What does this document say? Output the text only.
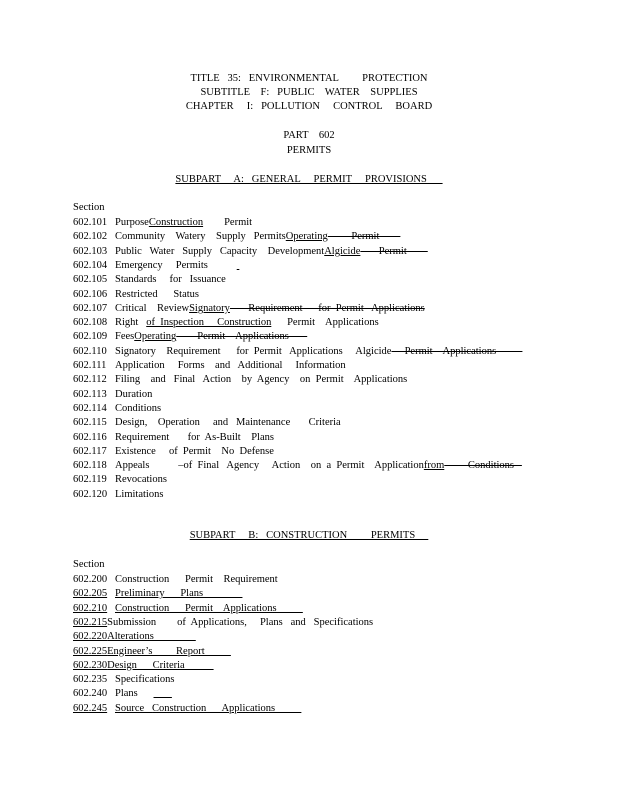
TITLE   35:   ENVIRONMENTAL         PROTECTION
SUBTITLE    F:   PUBLIC    WATER    SUPPLIES
CHAPTER     I:   POLLUTION     CONTROL     BOARD
PART    602
PERMITS
SUBPART     A:   GENERAL     PERMIT     PROVISIONS
Section
602.101 PurposeConstruction        Permit
602.102 Community    Watery    Supply   PermitsOperating         Permit
602.103 Public   Water   Supply   Capacity    DevelopmentAlgicide       Permit
602.104 Emergency     Permits
602.105 Standards     for   Issuance
602.106 Restricted      Status
602.107 Critical    ReviewSignatory       Requirement      for  Permit   Applications
602.108 Right   of  Inspection     Construction      Permit    Applications
602.109 FeesOperating        Permit    Applications
602.110 Signatory    Requirement      for  Permit   Applications     Algicide     Permit    Applications
602.111 Application     Forms    and   Additional     Information
602.112 Filing    and   Final   Action    by  Agency    on  Permit    Applications
602.113 Duration
602.114 Conditions
602.115 Design,    Operation     and   Maintenance       Criteria
602.116 Requirement       for  As-Built    Plans
602.117 Existence     of  Permit    No  Defense
602.118 Appeals           –of  Final   Agency     Action    on  a  Permit    Applicationfrom         Conditions
602.119 Revocations
602.120 Limitations
SUBPART     B:   CONSTRUCTION         PERMITS
Section
602.200 Construction      Permit    Requirement
602.205 Preliminary      Plans
602.210 Construction      Permit    Applications
602.215Submission        of  Applications,     Plans   and   Specifications
602.220Alterations
602.225Engineer’s         Report
602.230Design      Criteria
602.235 Specifications
602.240 Plans
602.245 Source   Construction      Applications
